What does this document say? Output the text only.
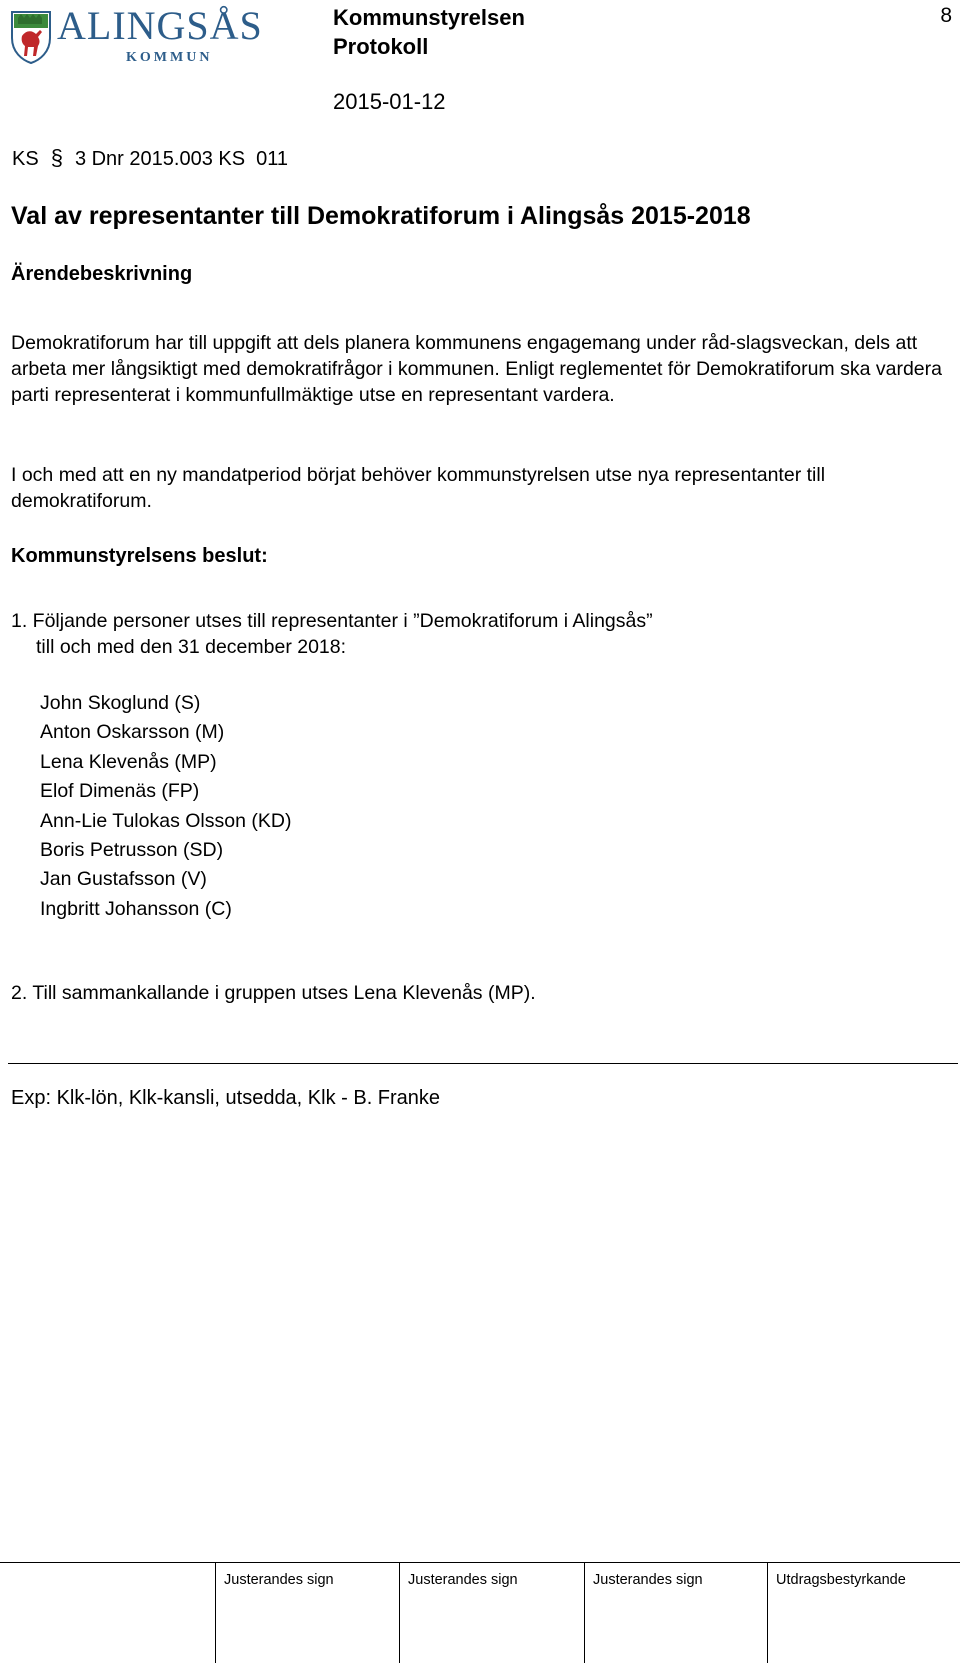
ALINGSÅS
KOMMUN
Kommunstyrelsen
Protokoll
8
2015-01-12
KS § 3 Dnr 2015.003 KS  011
Val av representanter till Demokratiforum i Alingsås 2015-2018
Ärendebeskrivning
Demokratiforum har till uppgift att dels planera kommunens engagemang under råd-slagsveckan, dels att arbeta mer långsiktigt med demokratifrågor i kommunen. Enligt reglementet för Demokratiforum ska vardera parti representerat i kommunfullmäktige utse en representant vardera.
I och med att en ny mandatperiod börjat behöver kommunstyrelsen utse nya representanter till demokratiforum.
Kommunstyrelsens beslut:
1. Följande personer utses till representanter i ”Demokratiforum i Alingsås”
till och med den 31 december 2018:
John Skoglund (S)
Anton Oskarsson (M)
Lena Klevenås (MP)
Elof Dimenäs (FP)
Ann-Lie Tulokas Olsson (KD)
Boris Petrusson (SD)
Jan Gustafsson (V)
Ingbritt Johansson (C)
2. Till sammankallande i gruppen utses Lena Klevenås (MP).
Exp: Klk-lön, Klk-kansli, utsedda, Klk - B. Franke
Justerandes sign	Justerandes sign	Justerandes sign	Utdragsbestyrkande
